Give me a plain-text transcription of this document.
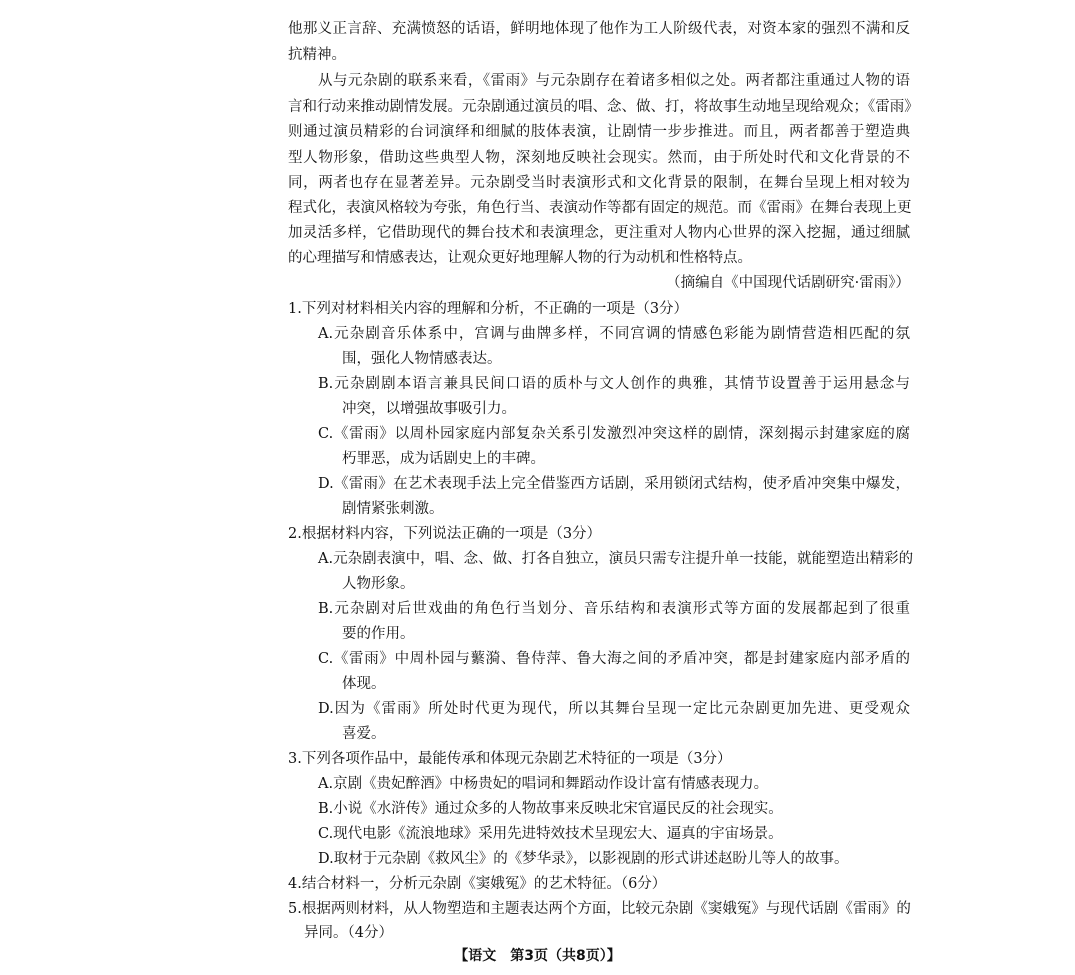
他那义正言辞、充满愤怒的话语，鲜明地体现了他作为工人阶级代表，对资本家的强烈不满和反
抗精神。
从与元杂剧的联系来看，《雷雨》与元杂剧存在着诸多相似之处。两者都注重通过人物的语
言和行动来推动剧情发展。元杂剧通过演员的唱、念、做、打，将故事生动地呈现给观众；《雷雨》
则通过演员精彩的台词演绎和细腻的肢体表演，让剧情一步步推进。而且，两者都善于塑造典
型人物形象，借助这些典型人物，深刻地反映社会现实。然而，由于所处时代和文化背景的不
同，两者也存在显著差异。元杂剧受当时表演形式和文化背景的限制，在舞台呈现上相对较为
程式化，表演风格较为夸张，角色行当、表演动作等都有固定的规范。而《雷雨》在舞台表现上更
加灵活多样，它借助现代的舞台技术和表演理念，更注重对人物内心世界的深入挖掘，通过细腻
的心理描写和情感表达，让观众更好地理解人物的行为动机和性格特点。
（摘编自《中国现代话剧研究·雷雨》）
1.下列对材料相关内容的理解和分析，不正确的一项是（3分）
A.元杂剧音乐体系中，宫调与曲牌多样，不同宫调的情感色彩能为剧情营造相匹配的氛
围，强化人物情感表达。
B.元杂剧剧本语言兼具民间口语的质朴与文人创作的典雅，其情节设置善于运用悬念与
冲突，以增强故事吸引力。
C.《雷雨》以周朴园家庭内部复杂关系引发激烈冲突这样的剧情，深刻揭示封建家庭的腐
朽罪恶，成为话剧史上的丰碑。
D.《雷雨》在艺术表现手法上完全借鉴西方话剧，采用锁闭式结构，使矛盾冲突集中爆发，
剧情紧张刺激。
2.根据材料内容，下列说法正确的一项是（3分）
A.元杂剧表演中，唱、念、做、打各自独立，演员只需专注提升单一技能，就能塑造出精彩的
人物形象。
B.元杂剧对后世戏曲的角色行当划分、音乐结构和表演形式等方面的发展都起到了很重
要的作用。
C.《雷雨》中周朴园与蘩漪、鲁侍萍、鲁大海之间的矛盾冲突，都是封建家庭内部矛盾的
体现。
D.因为《雷雨》所处时代更为现代，所以其舞台呈现一定比元杂剧更加先进、更受观众
喜爱。
3.下列各项作品中，最能传承和体现元杂剧艺术特征的一项是（3分）
A.京剧《贵妃醉酒》中杨贵妃的唱词和舞蹈动作设计富有情感表现力。
B.小说《水浒传》通过众多的人物故事来反映北宋官逼民反的社会现实。
C.现代电影《流浪地球》采用先进特效技术呈现宏大、逼真的宇宙场景。
D.取材于元杂剧《救风尘》的《梦华录》，以影视剧的形式讲述赵盼儿等人的故事。
4.结合材料一，分析元杂剧《窦娥冤》的艺术特征。（6分）
5.根据两则材料，从人物塑造和主题表达两个方面，比较元杂剧《窦娥冤》与现代话剧《雷雨》的
异同。（4分）
【语文　第3页（共8页）】
